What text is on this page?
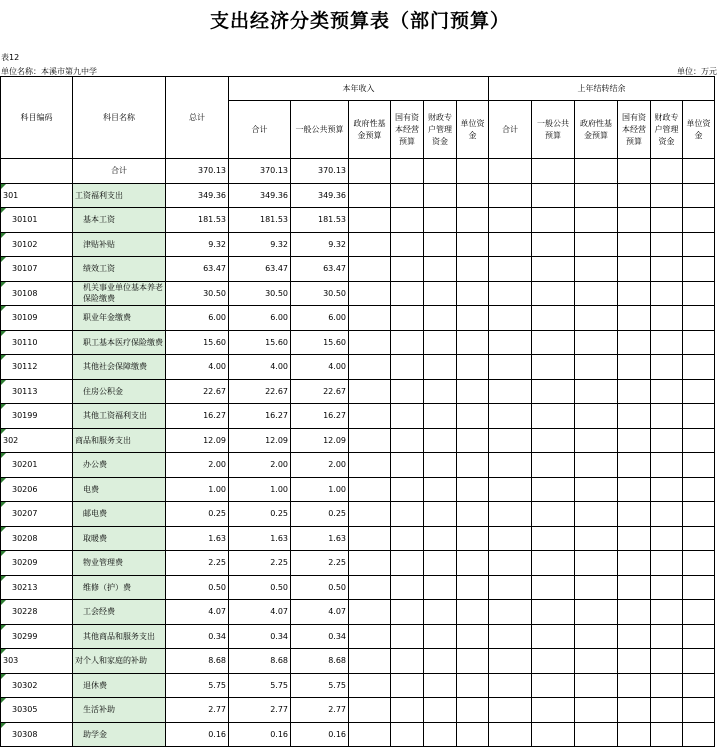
支出经济分类预算表（部门预算）
表12
单位名称：本溪市第九中学	单位：万元
科目编码	科目名称	总计	本年收入						上年结转结余					
			合计	一般公共预算	政府性基金预算	国有资本经营预算	财政专户管理资金	单位资金	合计	一般公共预算	政府性基金预算	国有资本经营预算	财政专户管理资金	单位资金
	合计	370.13	370.13	370.13										

301	工资福利支出	349.36	349.36	349.36										

30101	基本工资	181.53	181.53	181.53										

30102	津贴补贴	9.32	9.32	9.32										

30107	绩效工资	63.47	63.47	63.47										

30108	机关事业单位基本养老保险缴费	30.50	30.50	30.50										

30109	职业年金缴费	6.00	6.00	6.00										

30110	职工基本医疗保险缴费	15.60	15.60	15.60										

30112	其他社会保障缴费	4.00	4.00	4.00										

30113	住房公积金	22.67	22.67	22.67										

30199	其他工资福利支出	16.27	16.27	16.27										

302	商品和服务支出	12.09	12.09	12.09										

30201	办公费	2.00	2.00	2.00										

30206	电费	1.00	1.00	1.00										

30207	邮电费	0.25	0.25	0.25										

30208	取暖费	1.63	1.63	1.63										

30209	物业管理费	2.25	2.25	2.25										

30213	维修（护）费	0.50	0.50	0.50										

30228	工会经费	4.07	4.07	4.07										

30299	其他商品和服务支出	0.34	0.34	0.34										

303	对个人和家庭的补助	8.68	8.68	8.68										

30302	退休费	5.75	5.75	5.75										

30305	生活补助	2.77	2.77	2.77										

30308	助学金	0.16	0.16	0.16										
